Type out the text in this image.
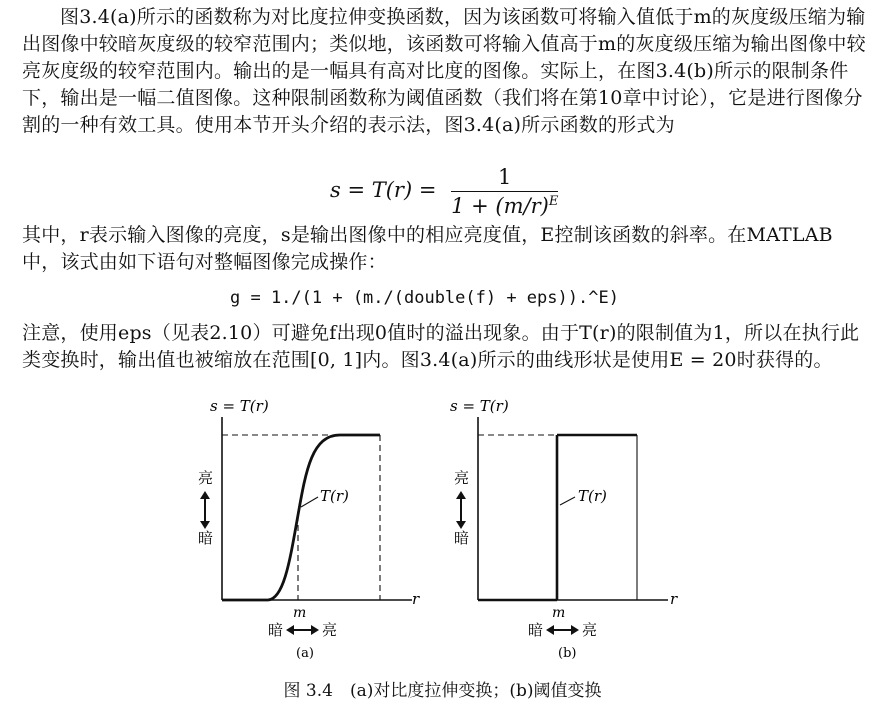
图3.4(a)所示的函数称为对比度拉伸变换函数，因为该函数可将输入值低于m的灰度级压缩为输出图像中较暗灰度级的较窄范围内；类似地，该函数可将输入值高于m的灰度级压缩为输出图像中较亮灰度级的较窄范围内。输出的是一幅具有高对比度的图像。实际上，在图3.4(b)所示的限制条件下，输出是一幅二值图像。这种限制函数称为阈值函数（我们将在第10章中讨论），它是进行图像分割的一种有效工具。使用本节开头介绍的表示法，图3.4(a)所示函数的形式为

$s = T(r) = \frac{1}{1 + (m/r)^E}$

其中，r表示输入图像的亮度，s是输出图像中的相应亮度值，E控制该函数的斜率。在MATLAB中，该式由如下语句对整幅图像完成操作：

g = 1./(1 + (m./(double(f) + eps)).^E)

注意，使用eps（见表2.10）可避免f出现0值时的溢出现象。由于T(r)的限制值为1，所以在执行此类变换时，输出值也被缩放在范围[0, 1]内。图3.4(a)所示的曲线形状是使用E = 20时获得的。

s = T(r)
r
T(r)
m
亮
暗
暗	亮
(a)
s = T(r)
r
T(r)
m
亮
暗
暗	亮
(b)
图 3.4　(a)对比度拉伸变换；(b)阈值变换
